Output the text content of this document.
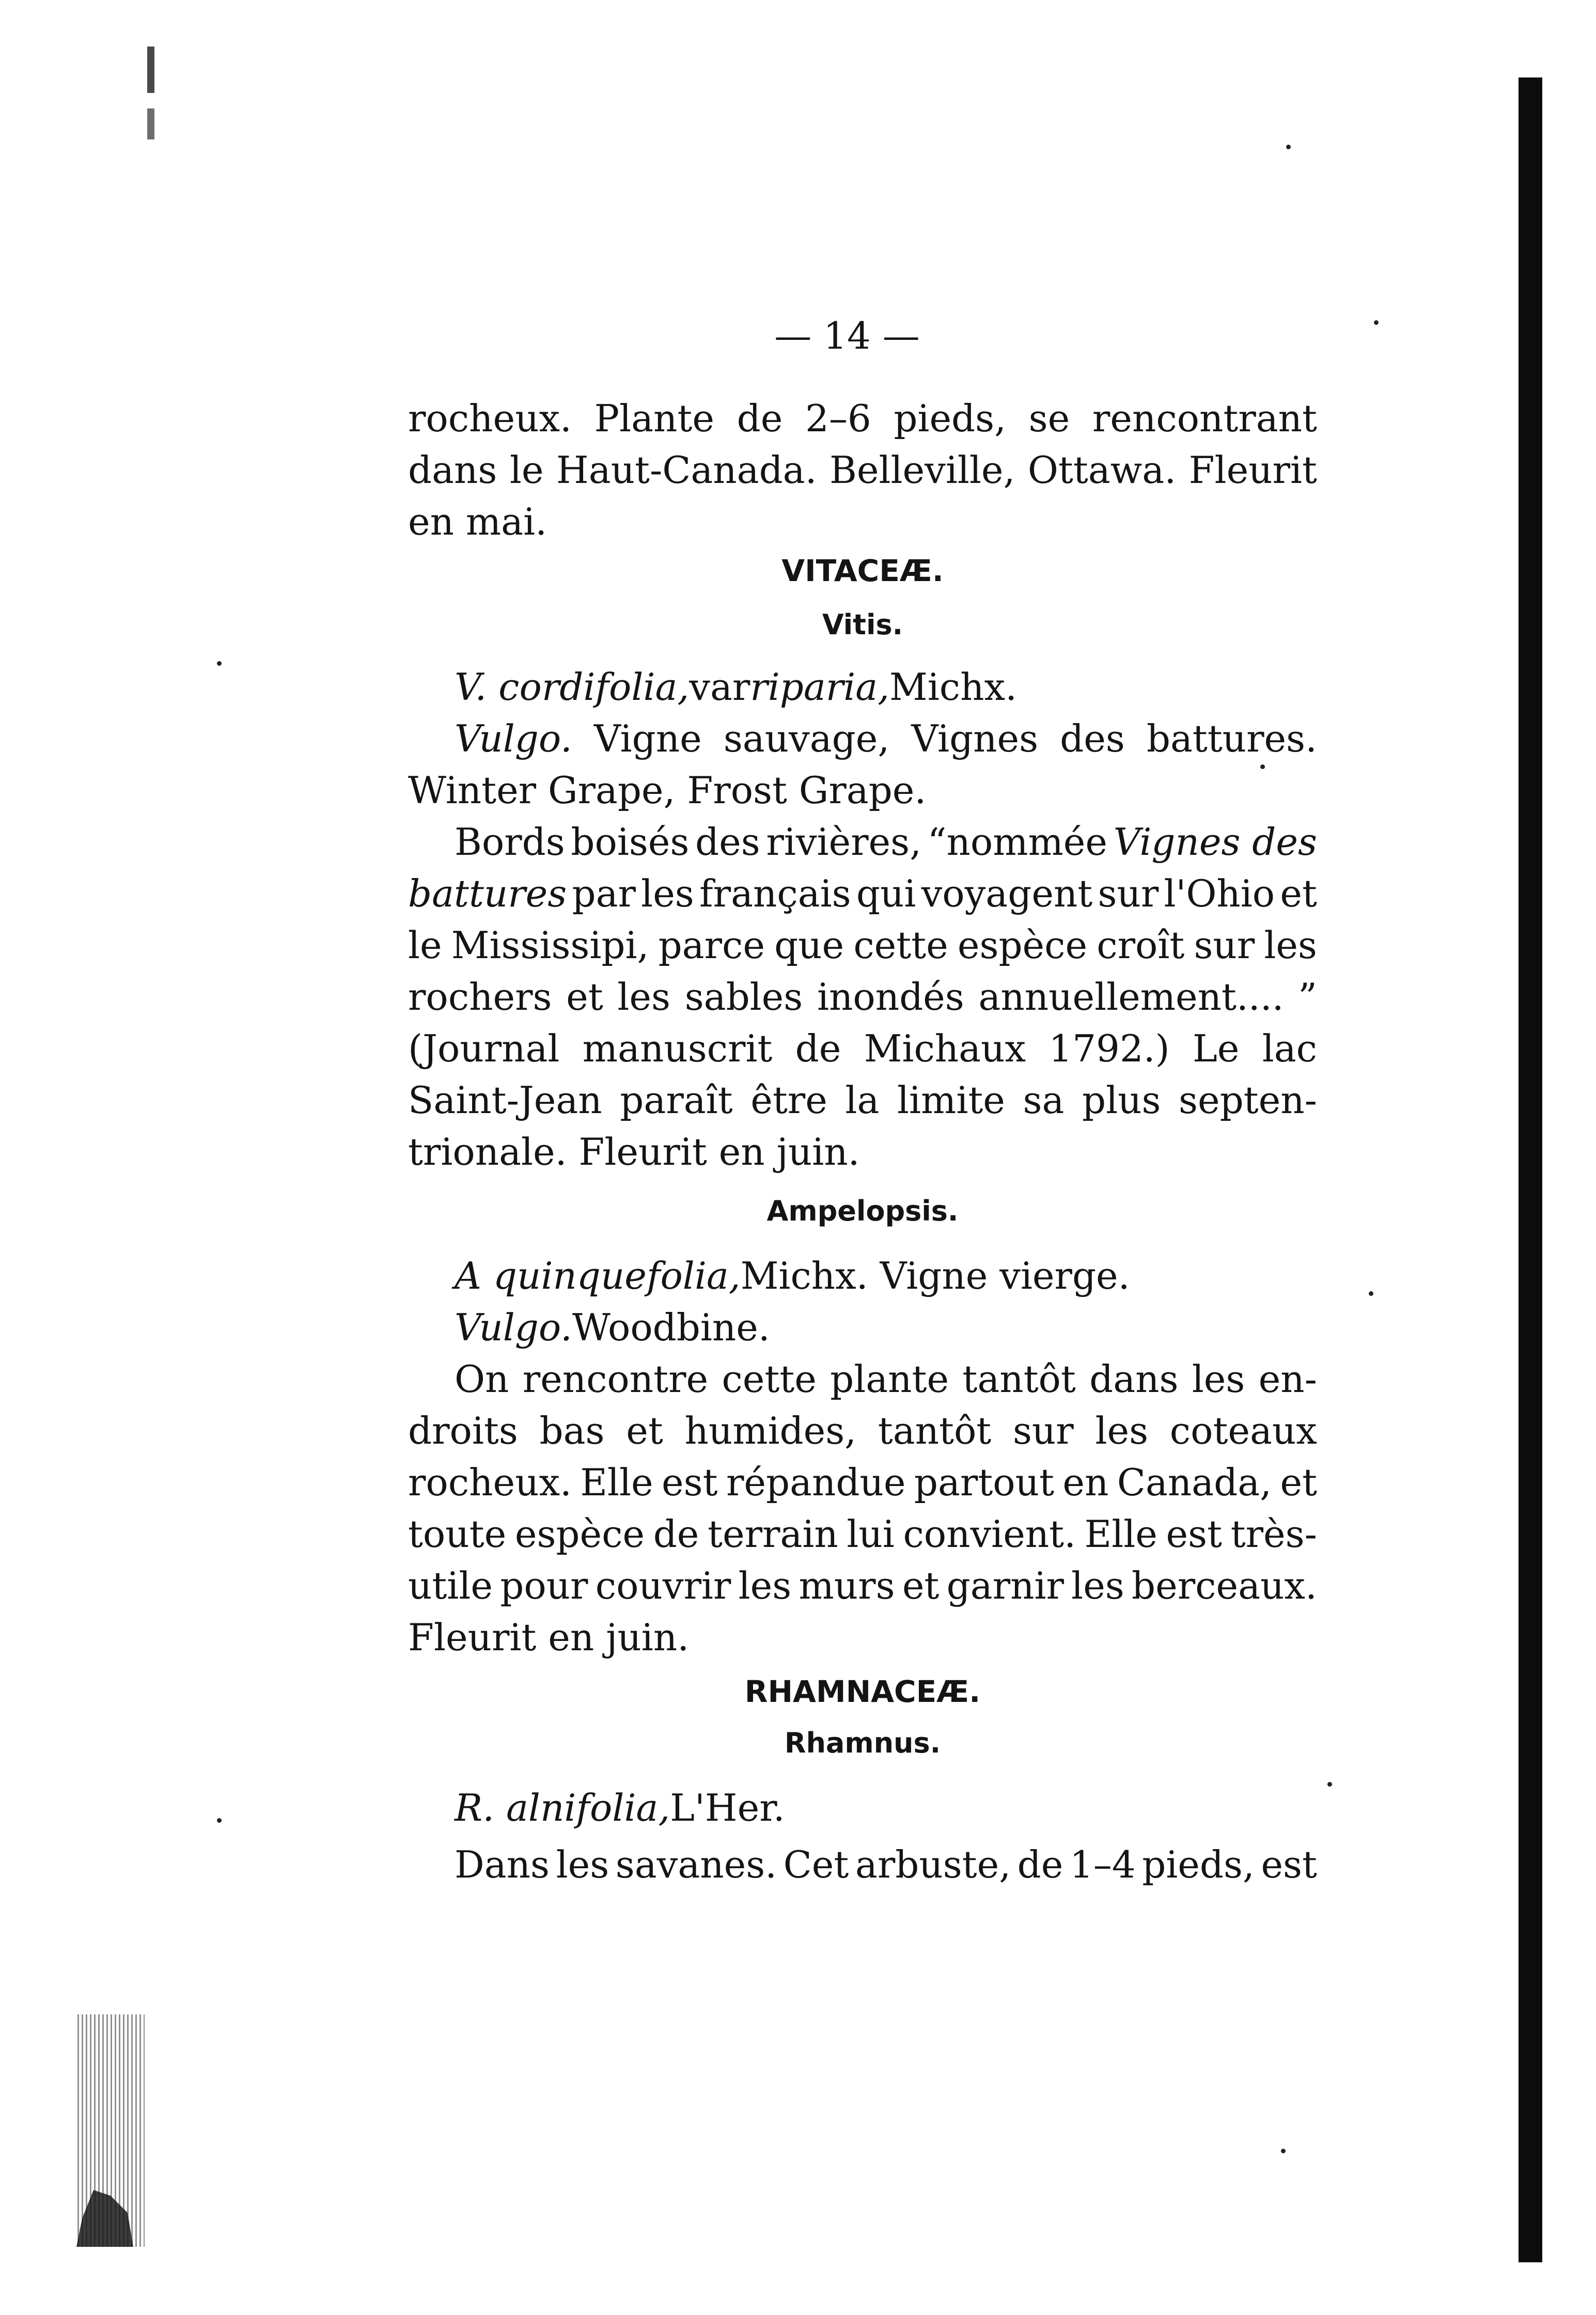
— 14 —
rocheux. Plante de 2–6 pieds, se rencontrant
dans le Haut-Canada. Belleville, Ottawa. Fleurit
en mai.
VITACEÆ.
Vitis.
V. cordifolia, var riparia, Michx.
Vulgo. Vigne sauvage, Vignes des battures.
Winter Grape, Frost Grape.
Bords boisés des rivières, “nommée Vignes des
battures par les français qui voyagent sur l'Ohio et
le Mississipi, parce que cette espèce croît sur les
rochers et les sables inondés annuellement.... ”
(Journal manuscrit de Michaux 1792.) Le lac
Saint-Jean paraît être la limite sa plus septen-
trionale. Fleurit en juin.
Ampelopsis.
A quinquefolia, Michx. Vigne vierge.
Vulgo. Woodbine.
On rencontre cette plante tantôt dans les en-
droits bas et humides, tantôt sur les coteaux
rocheux. Elle est répandue partout en Canada, et
toute espèce de terrain lui convient. Elle est très-
utile pour couvrir les murs et garnir les berceaux.
Fleurit en juin.
RHAMNACEÆ.
Rhamnus.
R. alnifolia, L'Her.
Dans les savanes. Cet arbuste, de 1–4 pieds, est
